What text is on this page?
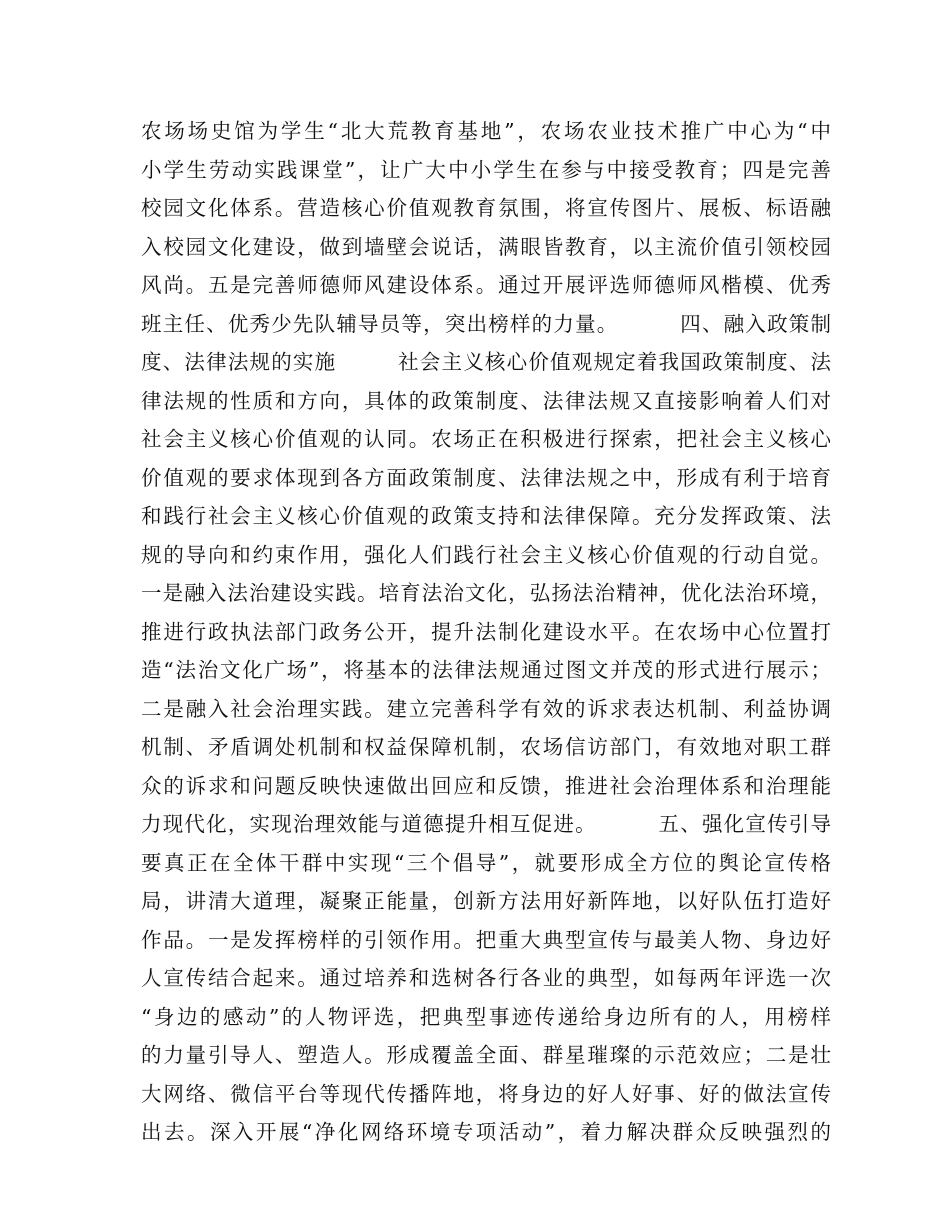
农场场史馆为学生“北大荒教育基地”，农场农业技术推广中心为“中
小学生劳动实践课堂”，让广大中小学生在参与中接受教育；四是完善
校园文化体系。营造核心价值观教育氛围，将宣传图片、展板、标语融
入校园文化建设，做到墙壁会说话，满眼皆教育，以主流价值引领校园
风尚。五是完善师德师风建设体系。通过开展评选师德师风楷模、优秀
班主任、优秀少先队辅导员等，突出榜样的力量。        四、融入政策制
度、法律法规的实施        社会主义核心价值观规定着我国政策制度、法
律法规的性质和方向，具体的政策制度、法律法规又直接影响着人们对
社会主义核心价值观的认同。农场正在积极进行探索，把社会主义核心
价值观的要求体现到各方面政策制度、法律法规之中，形成有利于培育
和践行社会主义核心价值观的政策支持和法律保障。充分发挥政策、法
规的导向和约束作用，强化人们践行社会主义核心价值观的行动自觉。
一是融入法治建设实践。培育法治文化，弘扬法治精神，优化法治环境，
推进行政执法部门政务公开，提升法制化建设水平。在农场中心位置打
造“法治文化广场”，将基本的法律法规通过图文并茂的形式进行展示；
二是融入社会治理实践。建立完善科学有效的诉求表达机制、利益协调
机制、矛盾调处机制和权益保障机制，农场信访部门，有效地对职工群
众的诉求和问题反映快速做出回应和反馈，推进社会治理体系和治理能
力现代化，实现治理效能与道德提升相互促进。        五、强化宣传引导
要真正在全体干群中实现“三个倡导”，就要形成全方位的舆论宣传格
局，讲清大道理，凝聚正能量，创新方法用好新阵地，以好队伍打造好
作品。一是发挥榜样的引领作用。把重大典型宣传与最美人物、身边好
人宣传结合起来。通过培养和选树各行各业的典型，如每两年评选一次
“身边的感动”的人物评选，把典型事迹传递给身边所有的人，用榜样
的力量引导人、塑造人。形成覆盖全面、群星璀璨的示范效应；二是壮
大网络、微信平台等现代传播阵地，将身边的好人好事、好的做法宣传
出去。深入开展“净化网络环境专项活动”，着力解决群众反映强烈的
